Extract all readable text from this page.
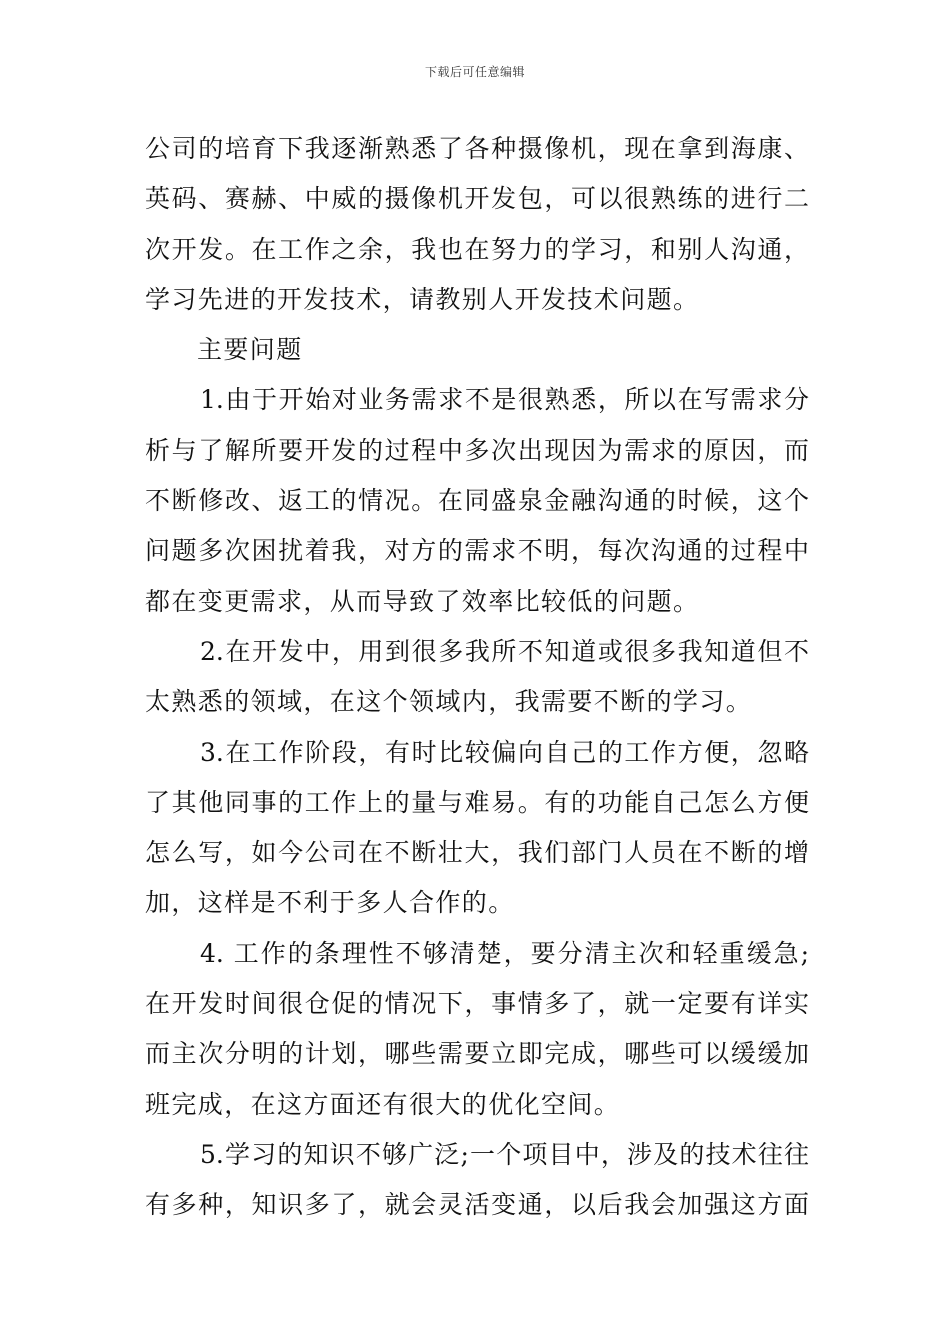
下载后可任意编辑
公司的培育下我逐渐熟悉了各种摄像机，现在拿到海康、
英码、赛赫、中威的摄像机开发包，可以很熟练的进行二
次开发。在工作之余，我也在努力的学习，和别人沟通，
学习先进的开发技术，请教别人开发技术问题。
主要问题
1.由于开始对业务需求不是很熟悉，所以在写需求分
析与了解所要开发的过程中多次出现因为需求的原因，而
不断修改、返工的情况。在同盛泉金融沟通的时候，这个
问题多次困扰着我，对方的需求不明，每次沟通的过程中
都在变更需求，从而导致了效率比较低的问题。
2.在开发中，用到很多我所不知道或很多我知道但不
太熟悉的领域，在这个领域内，我需要不断的学习。
3.在工作阶段，有时比较偏向自己的工作方便，忽略
了其他同事的工作上的量与难易。有的功能自己怎么方便
怎么写，如今公司在不断壮大，我们部门人员在不断的增
加，这样是不利于多人合作的。
4. 工作的条理性不够清楚，要分清主次和轻重缓急;
在开发时间很仓促的情况下，事情多了，就一定要有详实
而主次分明的计划，哪些需要立即完成，哪些可以缓缓加
班完成，在这方面还有很大的优化空间。
5.学习的知识不够广泛;一个项目中，涉及的技术往往
有多种，知识多了，就会灵活变通，以后我会加强这方面
